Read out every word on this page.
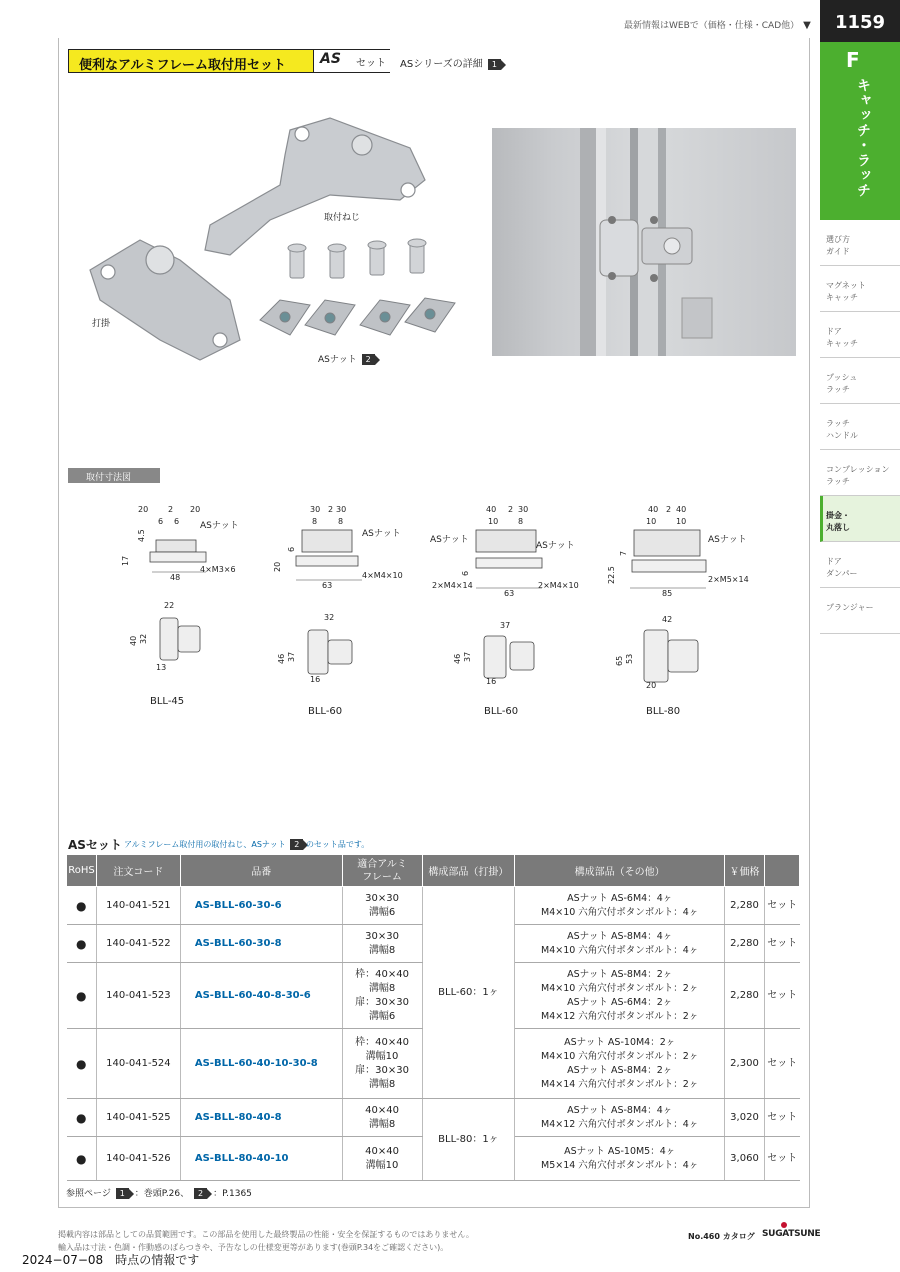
最新情報はWEBで（価格・仕様・CAD他） ▼	1159
F
キャッチ・ラッチ
選び方
ガイド
マグネット
キャッチ
ドア
キャッチ
プッシュ
ラッチ
ラッチ
ハンドル
コンプレッション
ラッチ
掛金・
丸落し
ドア
ダンパー
プランジャー
便利なアルミフレーム取付用セット AS セット ASシリーズの詳細 1
取付ねじ
打掛
ASナット 2
取付寸法図
20 2 20
6 6
4.5
17
48
ASナット
4×M3×6
22
40 32
13
BLL-45
30 2 30
8	8
6
20
63
ASナット
4×M4×10
32
46 37
16
BLL-60
40 2 30
10 8
6
63
ASナット
ASナット
2×M4×14	2×M4×10
37
46 37
16
BLL-60
40 2 40
10 10
7
22.5
85
ASナット
2×M5×14
42
65 53
20
BLL-80
ASセット アルミフレーム取付用の取付ねじ、ASナット 2 のセット品です。
RoHS	注文コード	品番	適合アルミ
フレーム	構成部品（打掛）	構成部品（その他）	￥価格	
●	140-041-521	AS-BLL-60-30-6	30×30
溝幅6	BLL-60：1ヶ	ASナット AS-6M4：4ヶ
M4×10 六角穴付ボタンボルト：4ヶ	2,280	セット
●	140-041-522	AS-BLL-60-30-8	30×30
溝幅8		ASナット AS-8M4：4ヶ
M4×10 六角穴付ボタンボルト：4ヶ	2,280	セット
●	140-041-523	AS-BLL-60-40-8-30-6	枠：40×40
溝幅8
扉：30×30
溝幅6		ASナット AS-8M4：2ヶ
M4×10 六角穴付ボタンボルト：2ヶ
ASナット AS-6M4：2ヶ
M4×12 六角穴付ボタンボルト：2ヶ	2,280	セット
●	140-041-524	AS-BLL-60-40-10-30-8	枠：40×40
溝幅10
扉：30×30
溝幅8		ASナット AS-10M4：2ヶ
M4×10 六角穴付ボタンボルト：2ヶ
ASナット AS-8M4：2ヶ
M4×14 六角穴付ボタンボルト：2ヶ	2,300	セット
●	140-041-525	AS-BLL-80-40-8	40×40
溝幅8	BLL-80：1ヶ	ASナット AS-8M4：4ヶ
M4×12 六角穴付ボタンボルト：4ヶ	3,020	セット
●	140-041-526	AS-BLL-80-40-10	40×40
溝幅10		ASナット AS-10M5：4ヶ
M5×14 六角穴付ボタンボルト：4ヶ	3,060	セット
参照ページ 1 ：巻頭P.26、 2 ：P.1365
掲載内容は部品としての品質範囲です。この部品を使用した最終製品の性能・安全を保証するものではありません。
輸入品は寸法・色調・作動感のばらつきや、予告なしの仕様変更等があります(巻頭P.34をご確認ください)。
No.460 カタログ SUGATSUNE
2024−07−08　時点の情報です
